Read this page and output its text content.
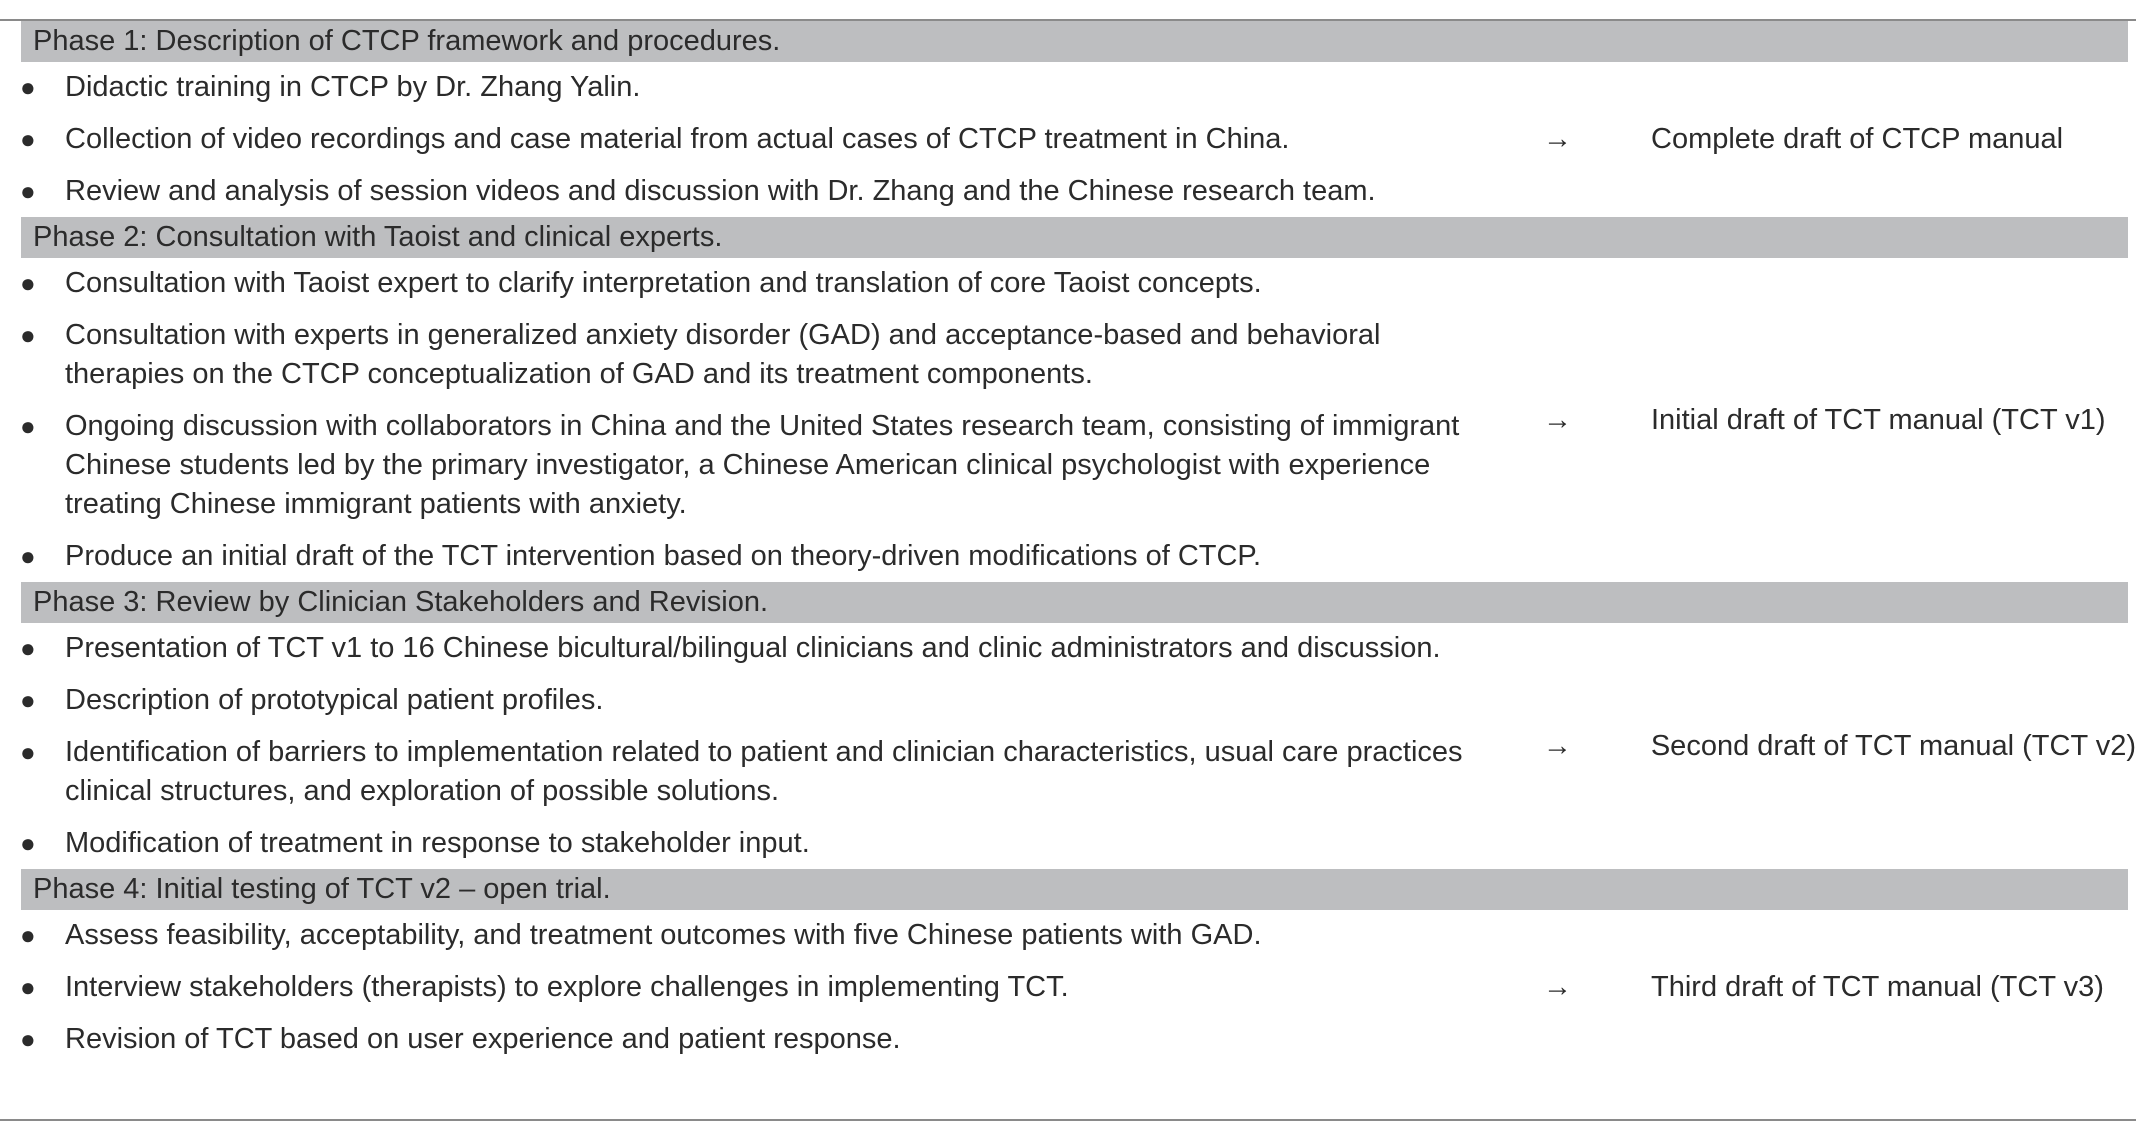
Phase 1: Description of CTCP framework and procedures.
● Didactic training in CTCP by Dr. Zhang Yalin.
● Collection of video recordings and case material from actual cases of CTCP treatment in China.
● Review and analysis of session videos and discussion with Dr. Zhang and the Chinese research team.
→	Complete draft of CTCP manual
Phase 2: Consultation with Taoist and clinical experts.
● Consultation with Taoist expert to clarify interpretation and translation of core Taoist concepts.
● Consultation with experts in generalized anxiety disorder (GAD) and acceptance-based and behavioral therapies on the CTCP conceptualization of GAD and its treatment components.
● Ongoing discussion with collaborators in China and the United States research team, consisting of immigrant Chinese students led by the primary investigator, a Chinese American clinical psychologist with experience treating Chinese immigrant patients with anxiety.
● Produce an initial draft of the TCT intervention based on theory-driven modifications of CTCP.
→	Initial draft of TCT manual (TCT v1)
Phase 3: Review by Clinician Stakeholders and Revision.
● Presentation of TCT v1 to 16 Chinese bicultural/bilingual clinicians and clinic administrators and discussion.
● Description of prototypical patient profiles.
● Identification of barriers to implementation related to patient and clinician characteristics, usual care practices clinical structures, and exploration of possible solutions.
● Modification of treatment in response to stakeholder input.
→	Second draft of TCT manual (TCT v2)
Phase 4: Initial testing of TCT v2 – open trial.
● Assess feasibility, acceptability, and treatment outcomes with five Chinese patients with GAD.
● Interview stakeholders (therapists) to explore challenges in implementing TCT.
● Revision of TCT based on user experience and patient response.
→	Third draft of TCT manual (TCT v3)
